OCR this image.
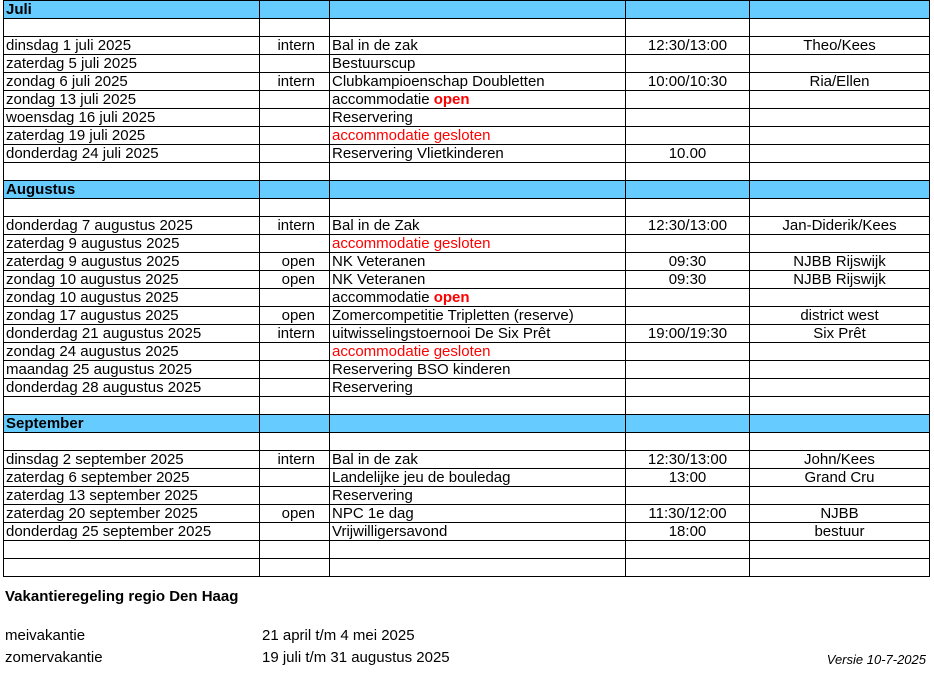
Juli				

dinsdag 1 juli 2025	intern	Bal in de zak	12:30/13:00	Theo/Kees
zaterdag 5 juli 2025		Bestuurscup		
zondag 6 juli 2025	intern	Clubkampioenschap Doubletten	10:00/10:30	Ria/Ellen
zondag 13 juli 2025		accommodatie open		
woensdag 16 juli 2025		Reservering		
zaterdag 19 juli 2025		accommodatie gesloten		
donderdag 24 juli 2025		Reservering Vlietkinderen	10.00	

Augustus				

donderdag 7 augustus 2025	intern	Bal in de Zak	12:30/13:00	Jan-Diderik/Kees
zaterdag 9 augustus 2025		accommodatie gesloten		
zaterdag 9 augustus 2025	open	NK Veteranen	09:30	NJBB Rijswijk
zondag 10 augustus 2025	open	NK Veteranen	09:30	NJBB Rijswijk
zondag 10 augustus 2025		accommodatie open		
zondag 17 augustus 2025	open	Zomercompetitie Tripletten (reserve)		district west
donderdag 21 augustus 2025	intern	uitwisselingstoernooi De Six Prêt	19:00/19:30	Six Prêt
zondag 24 augustus 2025		accommodatie gesloten		
maandag 25 augustus 2025		Reservering BSO kinderen		
donderdag 28 augustus 2025		Reservering		

September				

dinsdag 2 september 2025	intern	Bal in de zak	12:30/13:00	John/Kees
zaterdag 6 september 2025		Landelijke jeu de bouledag	13:00	Grand Cru
zaterdag 13 september 2025		Reservering		
zaterdag 20 september 2025	open	NPC 1e dag	11:30/12:00	NJBB
donderdag 25 september 2025		Vrijwilligersavond	18:00	bestuur

Vakantieregeling regio Den Haag
meivakantie	21 april t/m 4 mei 2025
zomervakantie	19 juli t/m 31 augustus 2025	Versie 10-7-2025
